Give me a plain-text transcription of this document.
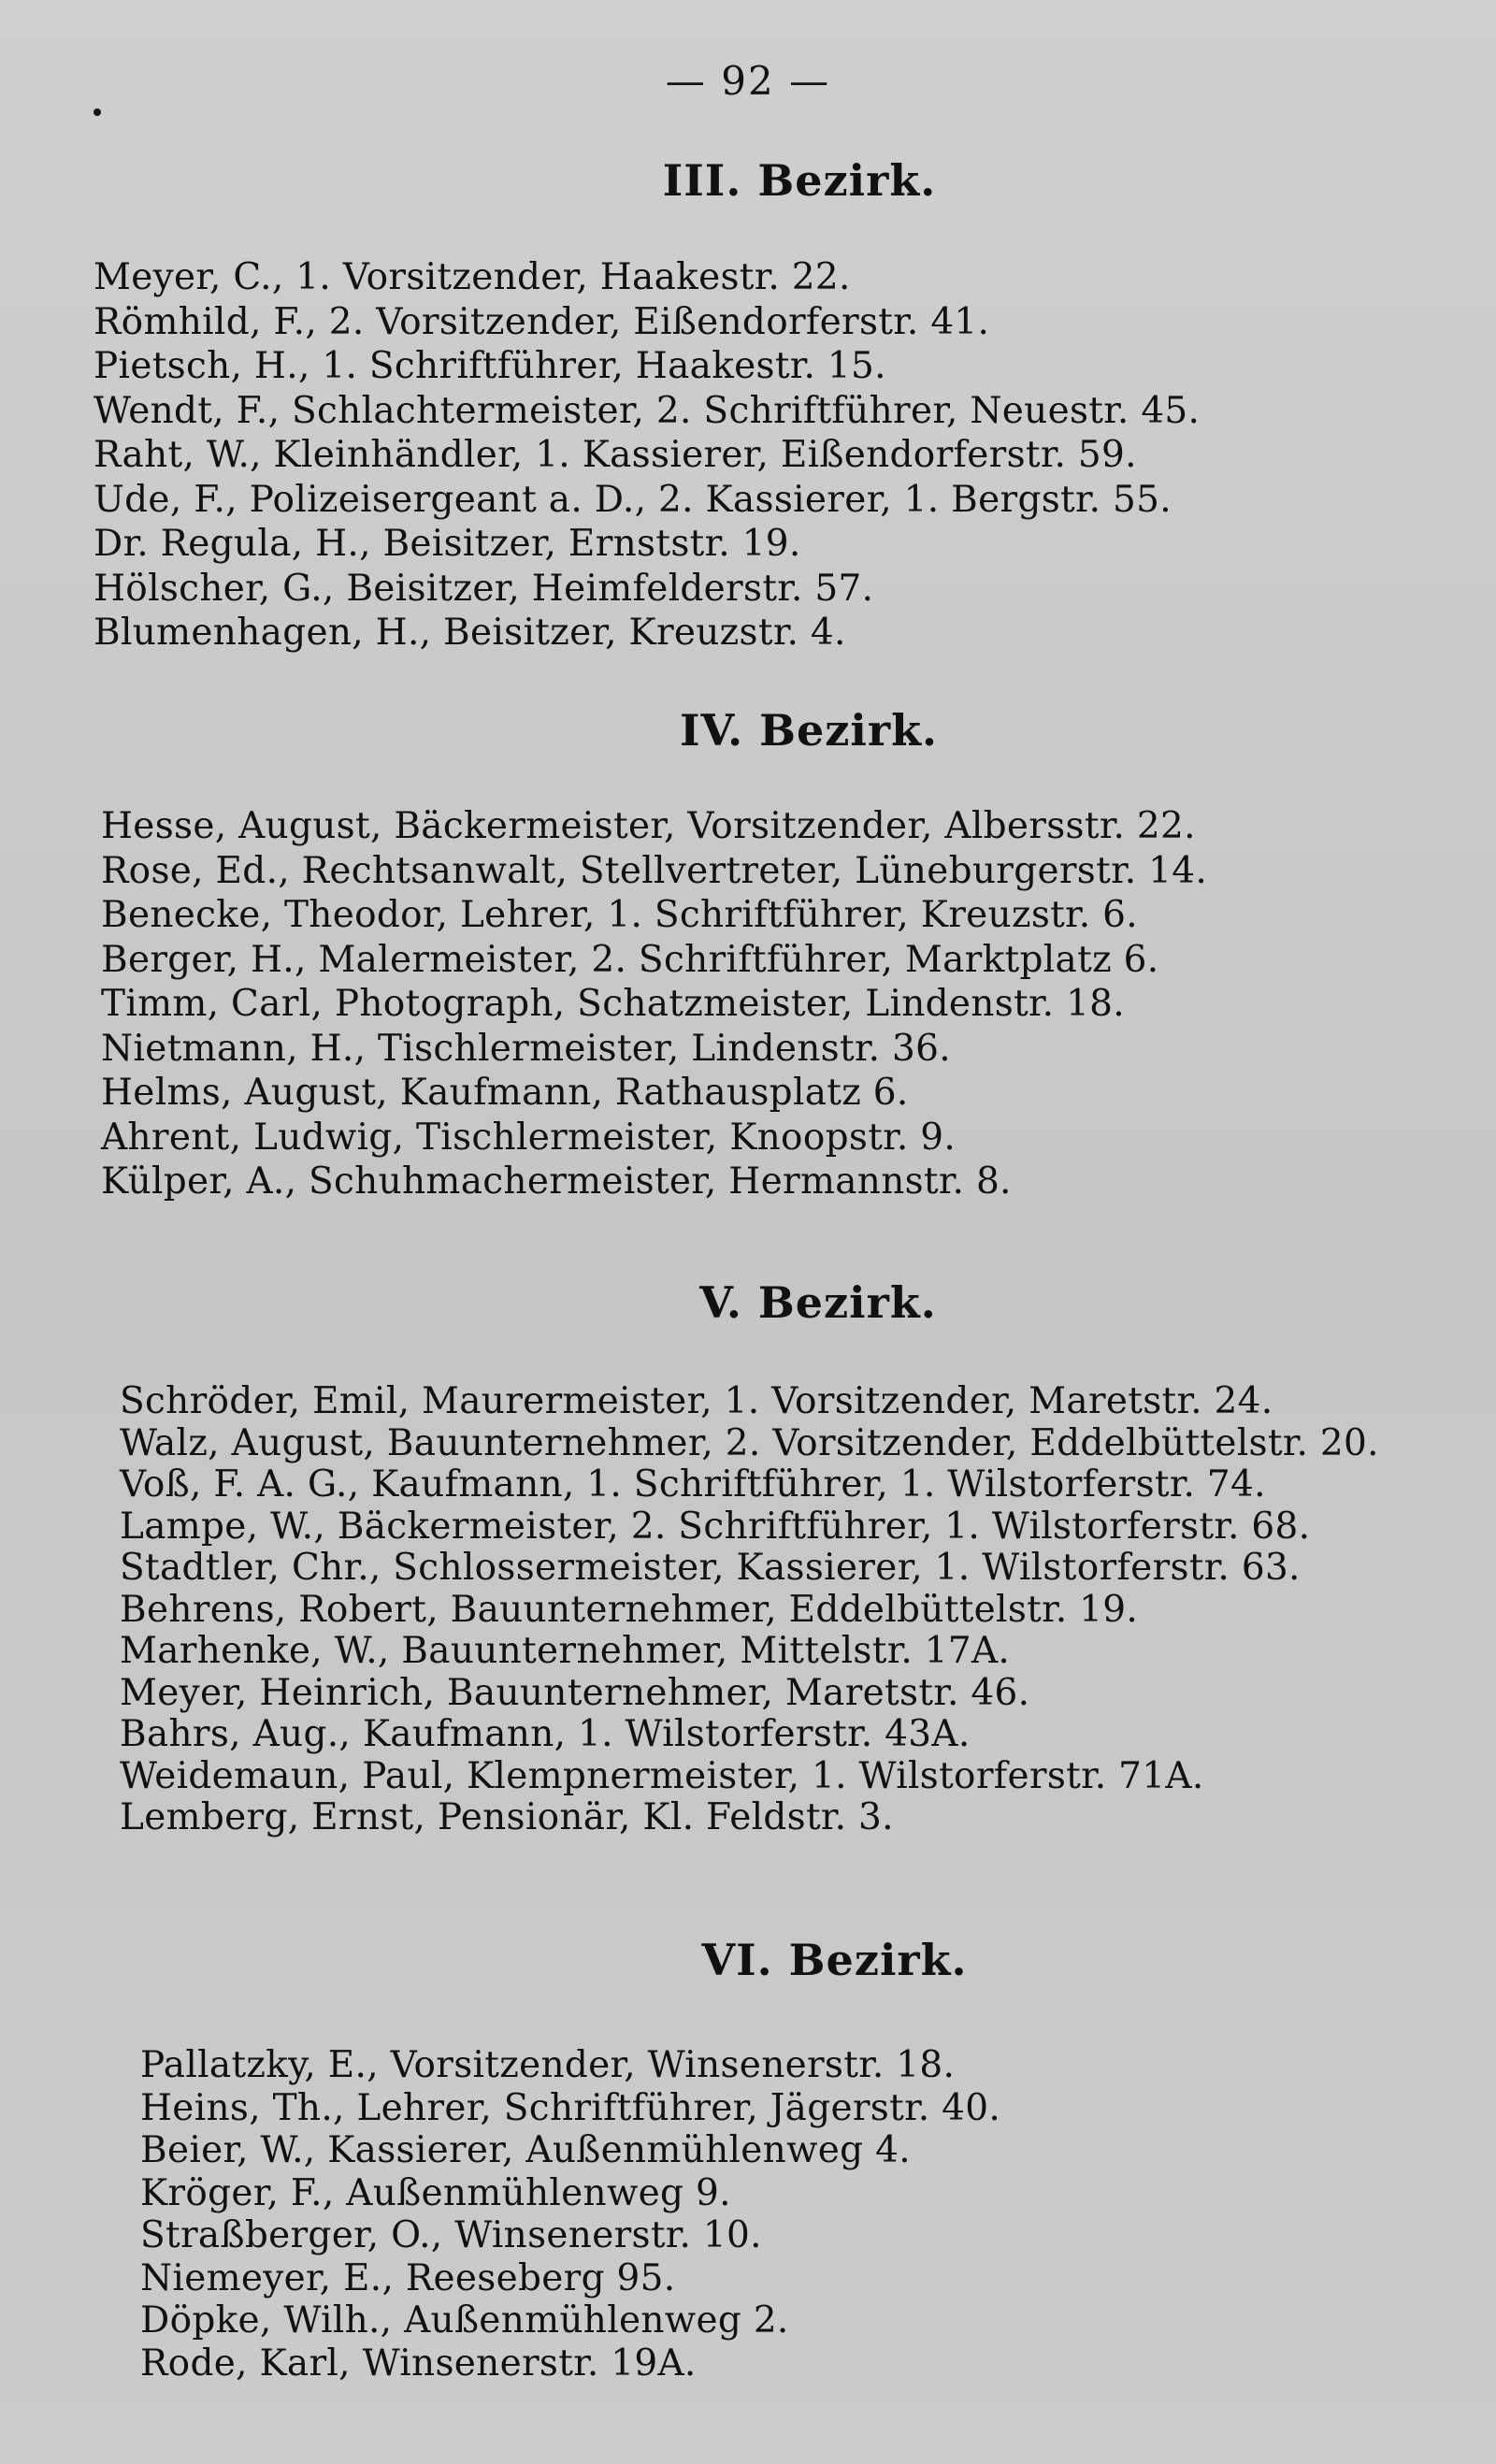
— 92 —
III. Bezirk.
Meyer, C., 1. Vorsitzender, Haakestr. 22.
Römhild, F., 2. Vorsitzender, Eißendorferstr. 41.
Pietsch, H., 1. Schriftführer, Haakestr. 15.
Wendt, F., Schlachtermeister, 2. Schriftführer, Neuestr. 45.
Raht, W., Kleinhändler, 1. Kassierer, Eißendorferstr. 59.
Ude, F., Polizeisergeant a. D., 2. Kassierer, 1. Bergstr. 55.
Dr. Regula, H., Beisitzer, Ernststr. 19.
Hölscher, G., Beisitzer, Heimfelderstr. 57.
Blumenhagen, H., Beisitzer, Kreuzstr. 4.
IV. Bezirk.
Hesse, August, Bäckermeister, Vorsitzender, Albersstr. 22.
Rose, Ed., Rechtsanwalt, Stellvertreter, Lüneburgerstr. 14.
Benecke, Theodor, Lehrer, 1. Schriftführer, Kreuzstr. 6.
Berger, H., Malermeister, 2. Schriftführer, Marktplatz 6.
Timm, Carl, Photograph, Schatzmeister, Lindenstr. 18.
Nietmann, H., Tischlermeister, Lindenstr. 36.
Helms, August, Kaufmann, Rathausplatz 6.
Ahrent, Ludwig, Tischlermeister, Knoopstr. 9.
Külper, A., Schuhmachermeister, Hermannstr. 8.
V. Bezirk.
Schröder, Emil, Maurermeister, 1. Vorsitzender, Maretstr. 24.
Walz, August, Bauunternehmer, 2. Vorsitzender, Eddelbüttelstr. 20.
Voß, F. A. G., Kaufmann, 1. Schriftführer, 1. Wilstorferstr. 74.
Lampe, W., Bäckermeister, 2. Schriftführer, 1. Wilstorferstr. 68.
Stadtler, Chr., Schlossermeister, Kassierer, 1. Wilstorferstr. 63.
Behrens, Robert, Bauunternehmer, Eddelbüttelstr. 19.
Marhenke, W., Bauunternehmer, Mittelstr. 17A.
Meyer, Heinrich, Bauunternehmer, Maretstr. 46.
Bahrs, Aug., Kaufmann, 1. Wilstorferstr. 43A.
Weidemaun, Paul, Klempnermeister, 1. Wilstorferstr. 71A.
Lemberg, Ernst, Pensionär, Kl. Feldstr. 3.
VI. Bezirk.
Pallatzky, E., Vorsitzender, Winsenerstr. 18.
Heins, Th., Lehrer, Schriftführer, Jägerstr. 40.
Beier, W., Kassierer, Außenmühlenweg 4.
Kröger, F., Außenmühlenweg 9.
Straßberger, O., Winsenerstr. 10.
Niemeyer, E., Reeseberg 95.
Döpke, Wilh., Außenmühlenweg 2.
Rode, Karl, Winsenerstr. 19A.
